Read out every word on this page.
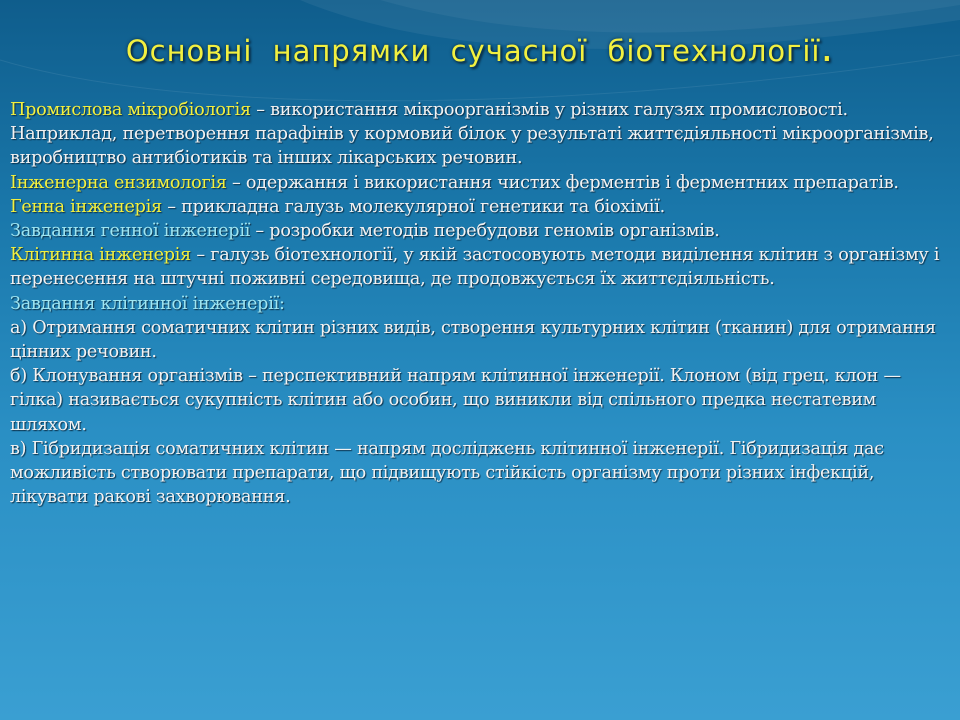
Основні напрямки сучасної біотехнології.

Промислова мікробіологія – використання мікроорганізмів у різних галузях промисловості. Наприклад, перетворення парафінів у кормовий білок у результаті життєдіяльності мікроорганізмів, виробництво антибіотиків та інших лікарських речовин.

Інженерна ензимологія – одержання і використання чистих ферментів і ферментних препаратів.

Генна інженерія – прикладна галузь молекулярної генетики та біохімії.

Завдання генної інженерії – розробки методів перебудови геномів організмів.

Клітинна інженерія – галузь біотехнології, у якій застосовують методи виділення клітин з організму і перенесення на штучні поживні середовища, де продовжується їх життєдіяльність.

Завдання клітинної інженерії:

а) Отримання соматичних клітин різних видів, створення культурних клітин (тканин) для отримання цінних речовин.

б) Клонування організмів – перспективний напрям клітинної інженерії. Клоном (від грец. клон — гілка) називається сукупність клітин або особин, що виникли від спільного предка нестатевим шляхом.

в) Гібридизація соматичних клітин — напрям досліджень клітинної інженерії. Гібридизація дає можливість створювати препарати, що підвищують стійкість організму проти різних інфекцій, лікувати ракові захворювання.
